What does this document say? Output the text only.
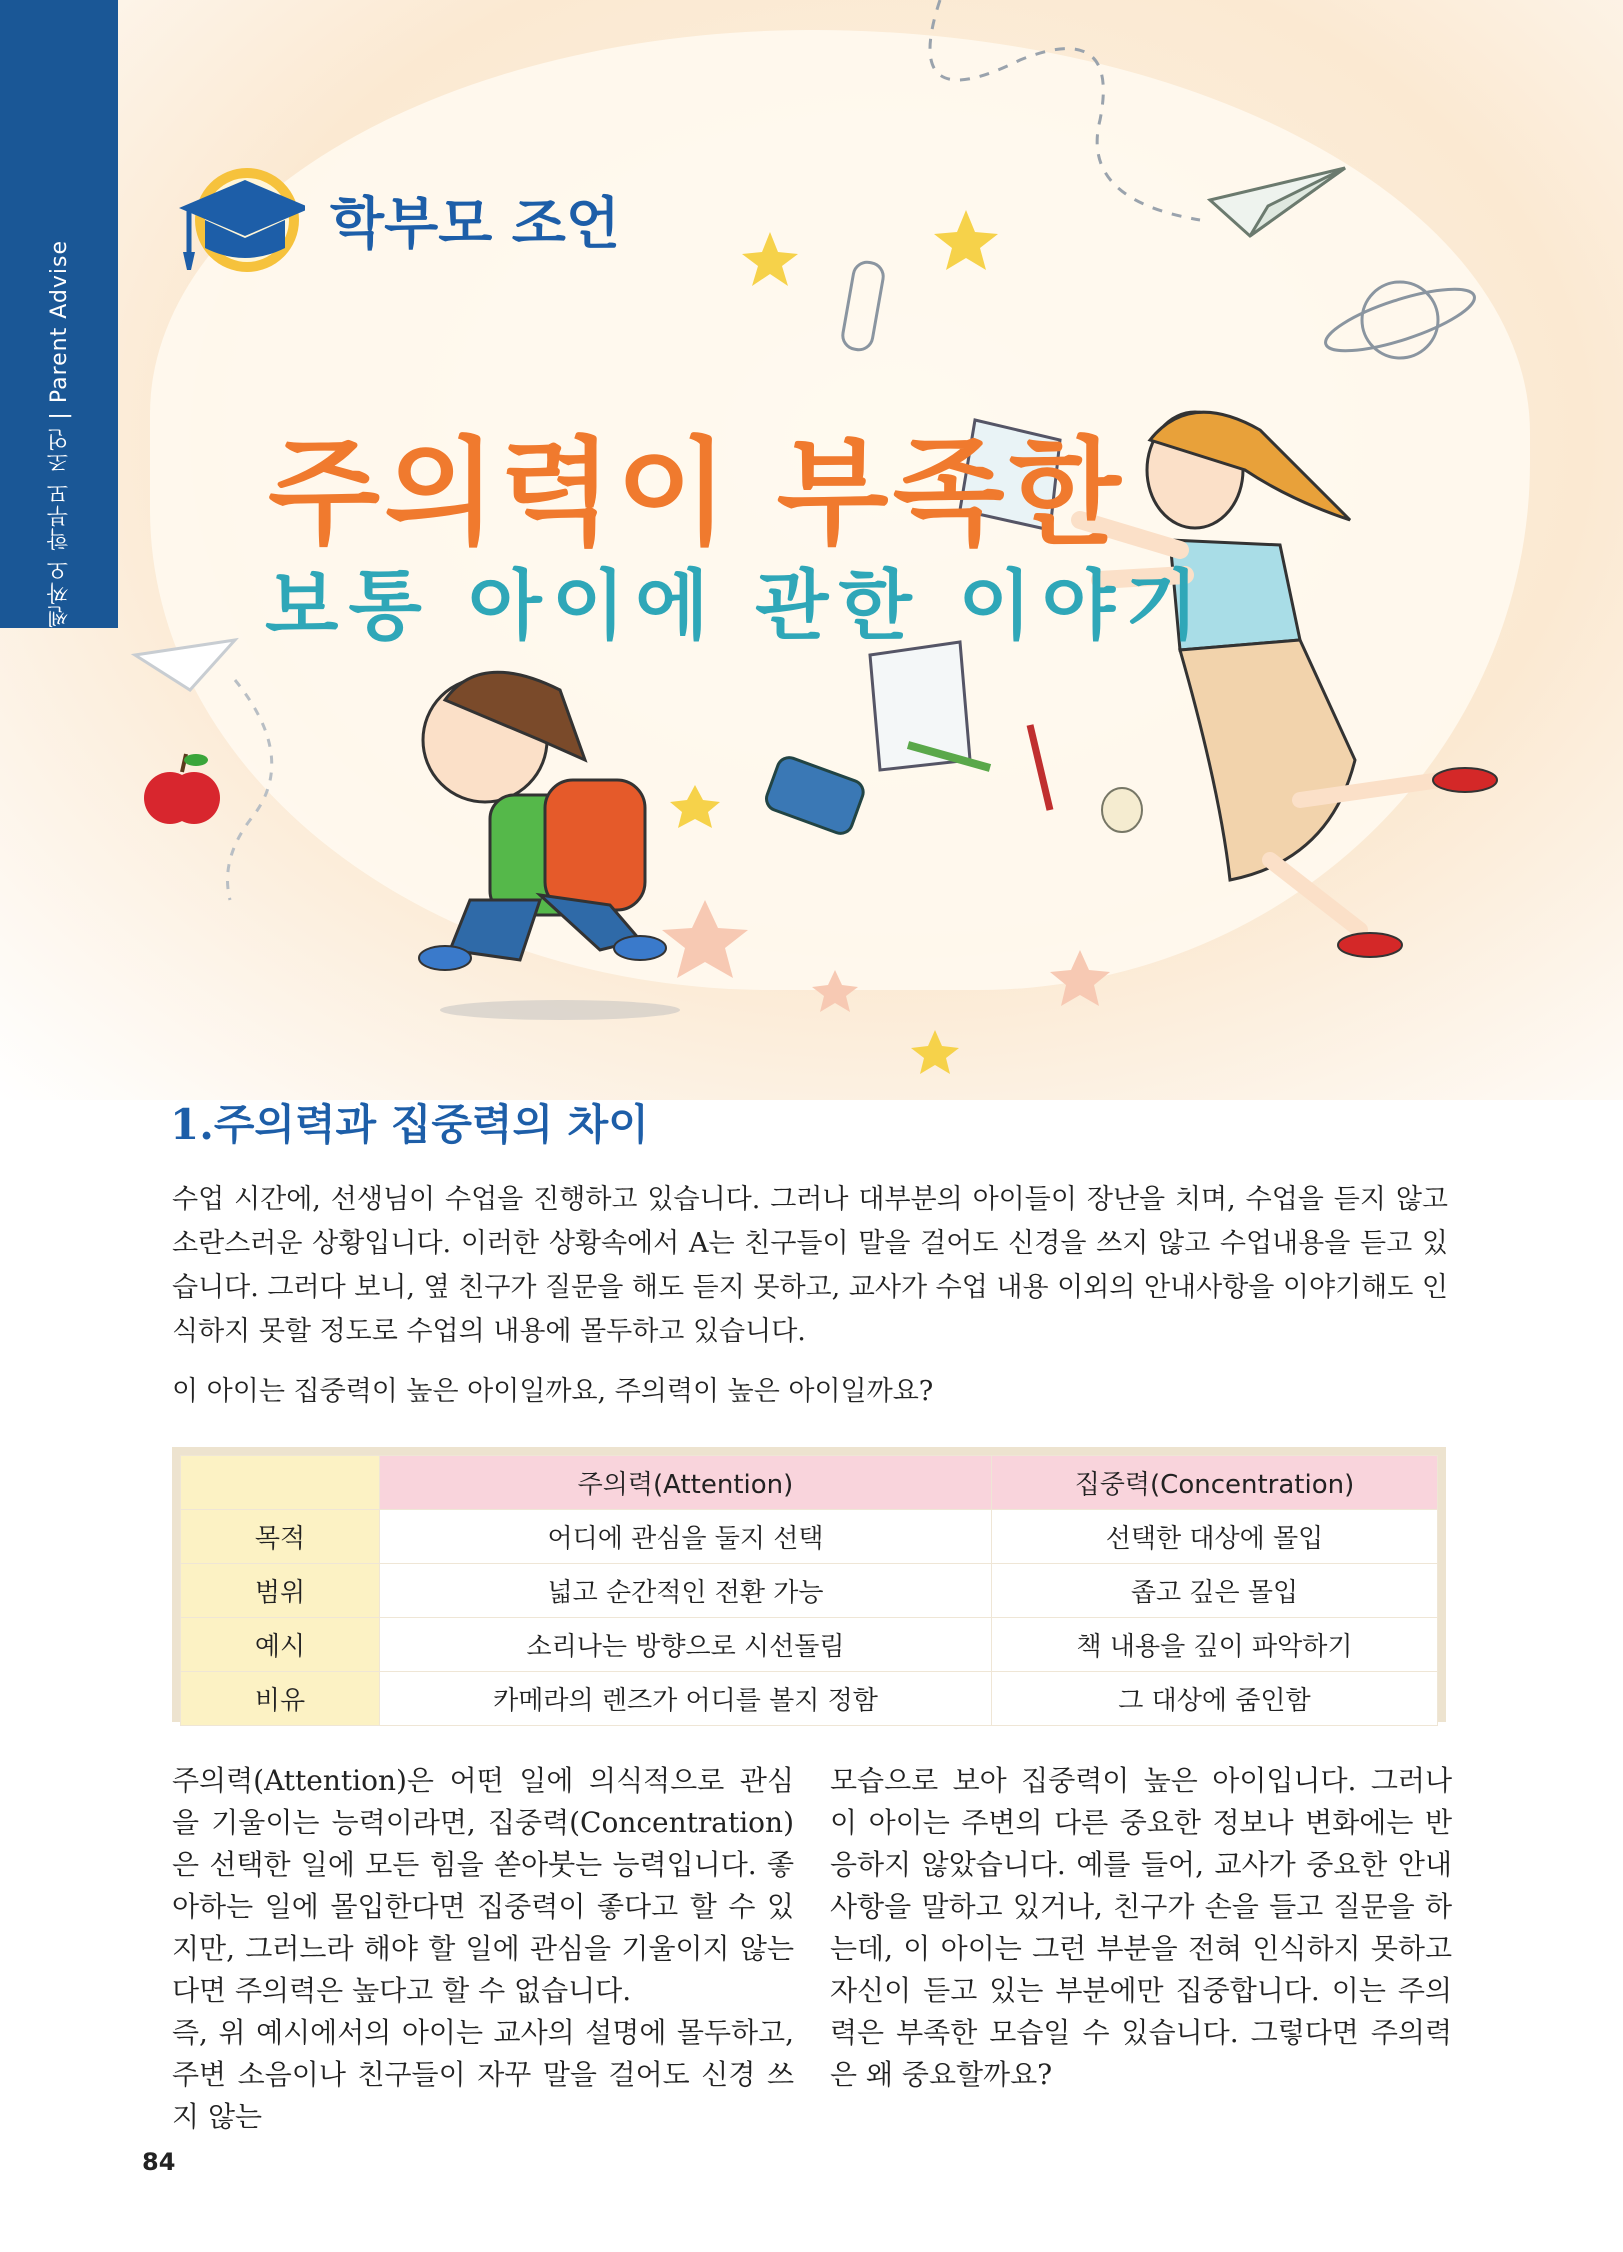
쎈짜오 학부모 조언 | Parent Advise
학부모 조언
주의력이 부족한
보통 아이에 관한 이야기
1.주의력과 집중력의 차이
수업 시간에, 선생님이 수업을 진행하고 있습니다. 그러나 대부분의 아이들이 장난을 치며, 수업을 듣지 않고 소란스러운 상황입니다. 이러한 상황속에서 A는 친구들이 말을 걸어도 신경을 쓰지 않고 수업내용을 듣고 있습니다. 그러다 보니, 옆 친구가 질문을 해도 듣지 못하고, 교사가 수업 내용 이외의 안내사항을 이야기해도 인식하지 못할 정도로 수업의 내용에 몰두하고 있습니다.
이 아이는 집중력이 높은 아이일까요, 주의력이 높은 아이일까요?
	주의력(Attention)	집중력(Concentration)
목적	어디에 관심을 둘지 선택	선택한 대상에 몰입
범위	넓고 순간적인 전환 가능	좁고 깊은 몰입
예시	소리나는 방향으로 시선돌림	책 내용을 깊이 파악하기
비유	카메라의 렌즈가 어디를 볼지 정함	그 대상에 줌인함
주의력(Attention)은 어떤 일에 의식적으로 관심을 기울이는 능력이라면, 집중력(Concentration)은 선택한 일에 모든 힘을 쏟아붓는 능력입니다. 좋아하는 일에 몰입한다면 집중력이 좋다고 할 수 있지만, 그러느라 해야 할 일에 관심을 기울이지 않는다면 주의력은 높다고 할 수 없습니다.
즉, 위 예시에서의 아이는 교사의 설명에 몰두하고, 주변 소음이나 친구들이 자꾸 말을 걸어도 신경 쓰지 않는
모습으로 보아 집중력이 높은 아이입니다. 그러나 이 아이는 주변의 다른 중요한 정보나 변화에는 반응하지 않았습니다. 예를 들어, 교사가 중요한 안내사항을 말하고 있거나, 친구가 손을 들고 질문을 하는데, 이 아이는 그런 부분을 전혀 인식하지 못하고 자신이 듣고 있는 부분에만 집중합니다. 이는 주의력은 부족한 모습일 수 있습니다. 그렇다면 주의력은 왜 중요할까요?
84
